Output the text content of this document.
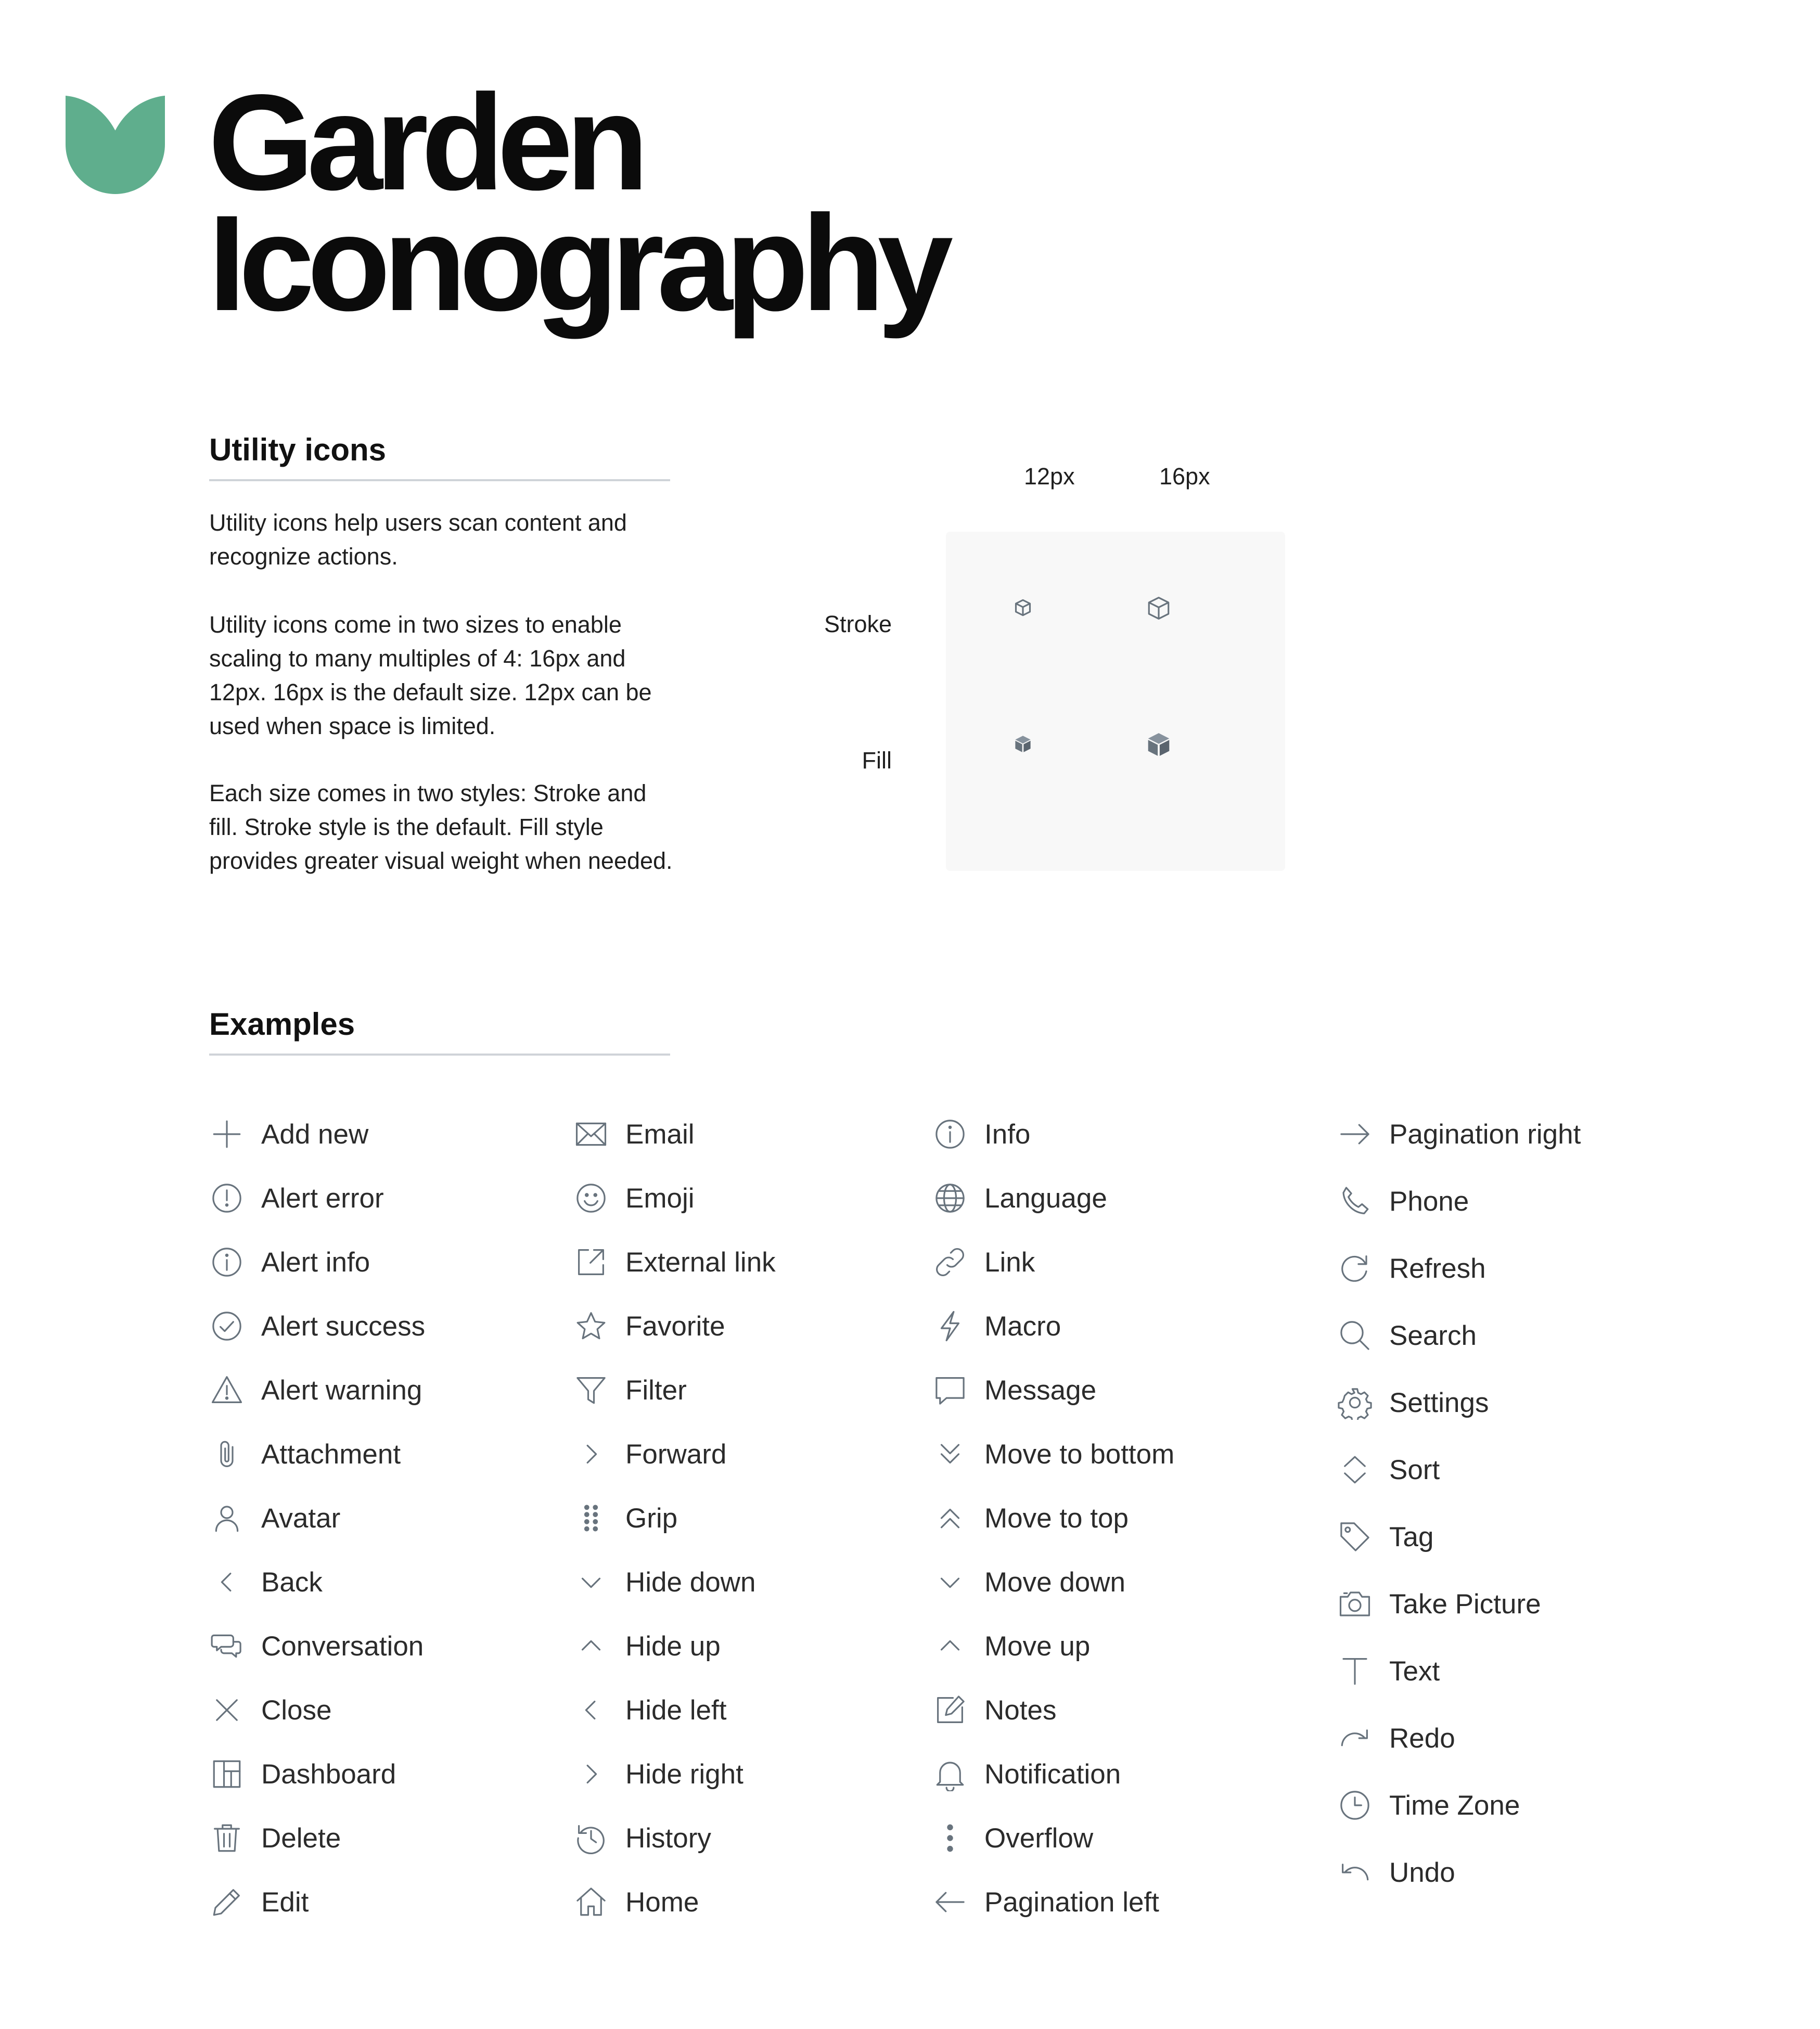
Garden
Iconography
Utility icons

Utility icons help users scan content and recognize actions.

Utility icons come in two sizes to enable scaling to many multiples of 4: 16px and 12px. 16px is the default size. 12px can be used when space is limited.

Each size comes in two styles: Stroke and fill. Stroke style is the default. Fill style provides greater visual weight when needed.

12px	16px
Stroke
Fill
Examples
Add new
Alert error
Alert info
Alert success
Alert warning
Attachment
Avatar
Back
Conversation
Close
Dashboard
Delete
Edit
Email
Emoji
External link
Favorite
Filter
Forward
Grip
Hide down
Hide up
Hide left
Hide right
History
Home
Info
Language
Link
Macro
Message
Move to bottom
Move to top
Move down
Move up
Notes
Notification
Overflow
Pagination left
Pagination right
Phone
Refresh
Search
Settings
Sort
Tag
Take Picture
Text
Redo
Time Zone
Undo
